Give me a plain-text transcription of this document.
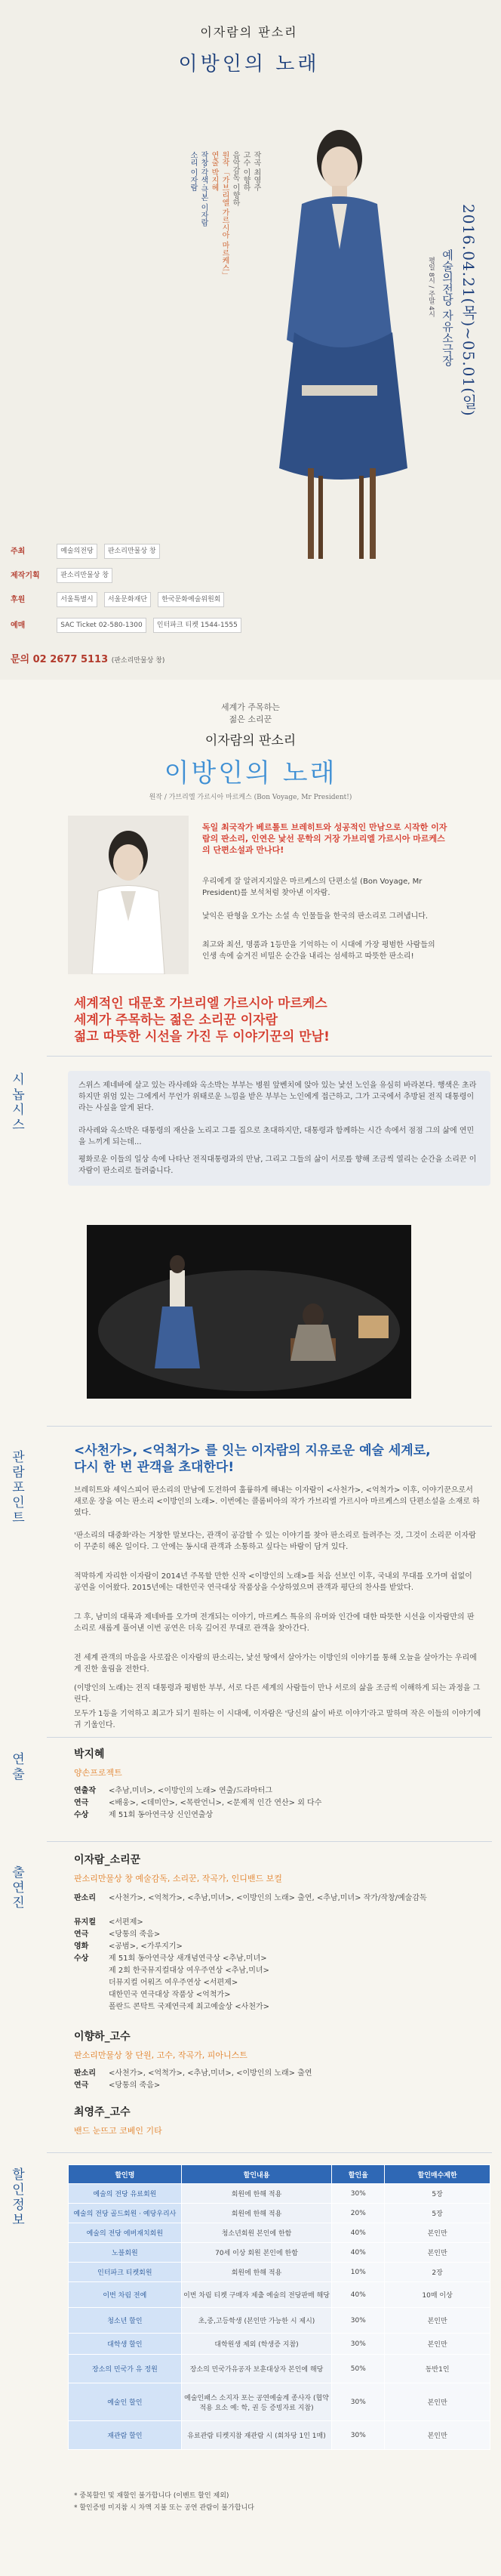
이자람의 판소리
이방인의 노래
소리 이자람 작창·각색·극본 이자람 연출 박지혜 원작 「가브리엘 가르시아 마르케스」 음악감독 이향하 고수 이향하 작곡 최영주
2016.04.21(목)~05.01(일)
예술의전당 자유소극장
평일 8시 / 주말 4시
주최	예술의전당 판소리만물상 창
제작기획	판소리만물상 창
후원	서울특별시 서울문화재단 한국문화예술위원회
예매	SAC Ticket 02-580-1300 인터파크 티켓 1544-1555
문의 02 2677 5113 (판소리만물상 창)
세계가 주목하는
젊은 소리꾼
이자람의 판소리
이방인의 노래
원작 / 가브리엘 가르시아 마르케스 (Bon Voyage, Mr President!)
독일 최국작가 베르톨트 브레히트와 성공적인 만남으로 시작한 이자람의 판소리, 인연은 낯선 문학의 거장 가브리엘 가르시아 마르케스의 단편소설과 만나다!
우리에게 잘 알려지지않은 마르케스의 단편소설 (Bon Voyage, Mr President)를 보석처럼 찾아낸 이자람.
낯익은 판형을 오가는 소설 속 인물들을 한국의 판소리로 그려냅니다.
최고와 최선, 명품과 1등만을 기억하는 이 시대에 가장 평범한 사람들의 인생 속에 숨겨진 비밀은 순간을 내리는 섬세하고 따뜻한 판소리!
세계적인 대문호 가브리엘 가르시아 마르케스
세계가 주목하는 젊은 소리꾼 이자람
젊고 따뜻한 시선을 가진 두 이야기꾼의 만남!
시놉시스	스위스 제네바에 살고 있는 라사레와 옥소박는 부부는 병원 앞벤치에 앉아 있는 낯선 노인을 유심히 바라본다. 행색은 초라하지만 위엄 있는 그에게서 무언가 위태로운 느낌을 받은 부부는 노인에게 접근하고, 그가 고국에서 추방된 전직 대통령이라는 사실을 알게 된다.
라사레와 옥소박은 대통령의 재산을 노리고 그를 집으로 초대하지만, 대통령과 함께하는 시간 속에서 점점 그의 삶에 연민을 느끼게 되는데...
평화로운 이들의 일상 속에 나타난 전직대통령과의 만남, 그리고 그들의 삶이 서로를 향해 조금씩 열리는 순간을 소리꾼 이자람이 판소리로 들려줍니다.
관람포인트	<사천가>, <억척가> 를 잇는 이자람의 지유로운 예술 세계로,
다시 한 번 관객을 초대한다!
브레히트와 셰익스피어 판소리의 만남에 도전하여 훌륭하게 해내는 이자람이 <사천가>, <억척가> 이후, 이야기꾼으로서 새로운 장을 여는 판소리 <이방인의 노래>. 이번에는 콜롬비아의 작가 가브리엘 가르시아 마르케스의 단편소설을 소재로 하였다.
'판소리의 대중화'라는 거창한 말보다는, 관객이 공감할 수 있는 이야기를 찾아 판소리로 들려주는 것, 그것이 소리꾼 이자람이 꾸준히 해온 일이다. 그 안에는 동시대 관객과 소통하고 싶다는 바람이 담겨 있다.
적막하게 자리한 이자람이 2014년 주목할 만한 신작 <이방인의 노래>를 처음 선보인 이후, 국내외 무대를 오가며 쉼없이 공연을 이어왔다. 2015년에는 대한민국 연극대상 작품상을 수상하였으며 관객과 평단의 찬사를 받았다.
그 후, 남미의 대륙과 제네바를 오가며 전개되는 이야기, 마르케스 특유의 유머와 인간에 대한 따뜻한 시선을 이자람만의 판소리로 새롭게 풀어낸 이번 공연은 더욱 깊어진 무대로 관객을 찾아간다.
전 세계 관객의 마음을 사로잡은 이자람의 판소리는, 낯선 땅에서 살아가는 이방인의 이야기를 통해 오늘을 살아가는 우리에게 진한 울림을 전한다.
(이방인의 노래)는 전직 대통령과 평범한 부부, 서로 다른 세계의 사람들이 만나 서로의 삶을 조금씩 이해하게 되는 과정을 그린다.
모두가 1등을 기억하고 최고가 되기 원하는 이 시대에, 이자람은 '당신의 삶이 바로 이야기'라고 말하며 작은 이들의 이야기에 귀 기울인다.
연출	박지혜
양손프로젝트
연출작 <추남,미녀>, <이방인의 노래> 연출/드라마터그
연극	<배웅>, <데미안>, <목란언니>, <문제적 인간 연산> 외 다수
수상	제 51회 동아연극상 신인연출상
출연진
이자람_소리꾼
판소리만물상 창 예술감독, 소리꾼, 작곡가, 인디밴드 보컬
판소리 <사천가>, <억척가>, <추남,미녀>, <이방인의 노래> 출연, <추남,미녀> 작가/작창/예술감독
뮤지컬 <서편제>
연극	<당통의 죽음>
영화	<공범>, <가루지기>
수상	제 51회 동아연극상 새개념연극상 <추남,미녀>
제 2회 한국뮤지컬대상 여우주연상 <추남,미녀>
더뮤지컬 어워즈 여우주연상 <서편제>
대한민국 연극대상 작품상 <억척가>
폴란드 콘탁트 국제연극제 최고예술상 <사천가>
이향하_고수
판소리만물상 창 단원, 고수, 작곡가, 피아니스트
판소리 <사천가>, <억척가>, <추남,미녀>, <이방인의 노래> 출연
연극	<당통의 죽음>
최영주_고수
밴드 눈뜨고 코베인 기타
할인정보	할인명	할인내용	할인율	할인매수제한
예술의 전당 유료회원	회원에 한해 적용	30%	5장
예술의 전당 골드회원 · 예당우리사	회원에 한해 적용	20%	5장
예술의 전당 에버재치회원	청소년회원 본인에 한함	40%	본인만
노블회원	70세 이상 회원 본인에 한함	40%	본인만
인터파크 티켓회원	회원에 한해 적용	10%	2장
이번 차림 전예	이번 차림 티켓 구매자 제출 예술의 전당판매 해당	40%	10매 이상
청소년 할인	초,중,고등학생 (본인만 가능한 시 제시)	30%	본인만
대학생 할인	대학원생 제외 (학생증 지참)	30%	본인만
장소의 민국가 유 정원	장소의 민국가유공자 보훈대상자 본인에 해당	50%	동반1인
예술인 할인	예술인패스 소지자 포는 공연예술계 종사자 (협약 적용 요소 예: 학, 권 등 증빙자료 지참)	30%	본인만
재관람 할인	유료관람 티켓지참 재관람 시 (회차당 1인 1매)	30%	본인만
* 중복할인 및 재할인 불가합니다 (이벤트 할인 제외)
* 할인증빙 미지참 시 차액 지불 또는 공연 관람이 불가합니다
